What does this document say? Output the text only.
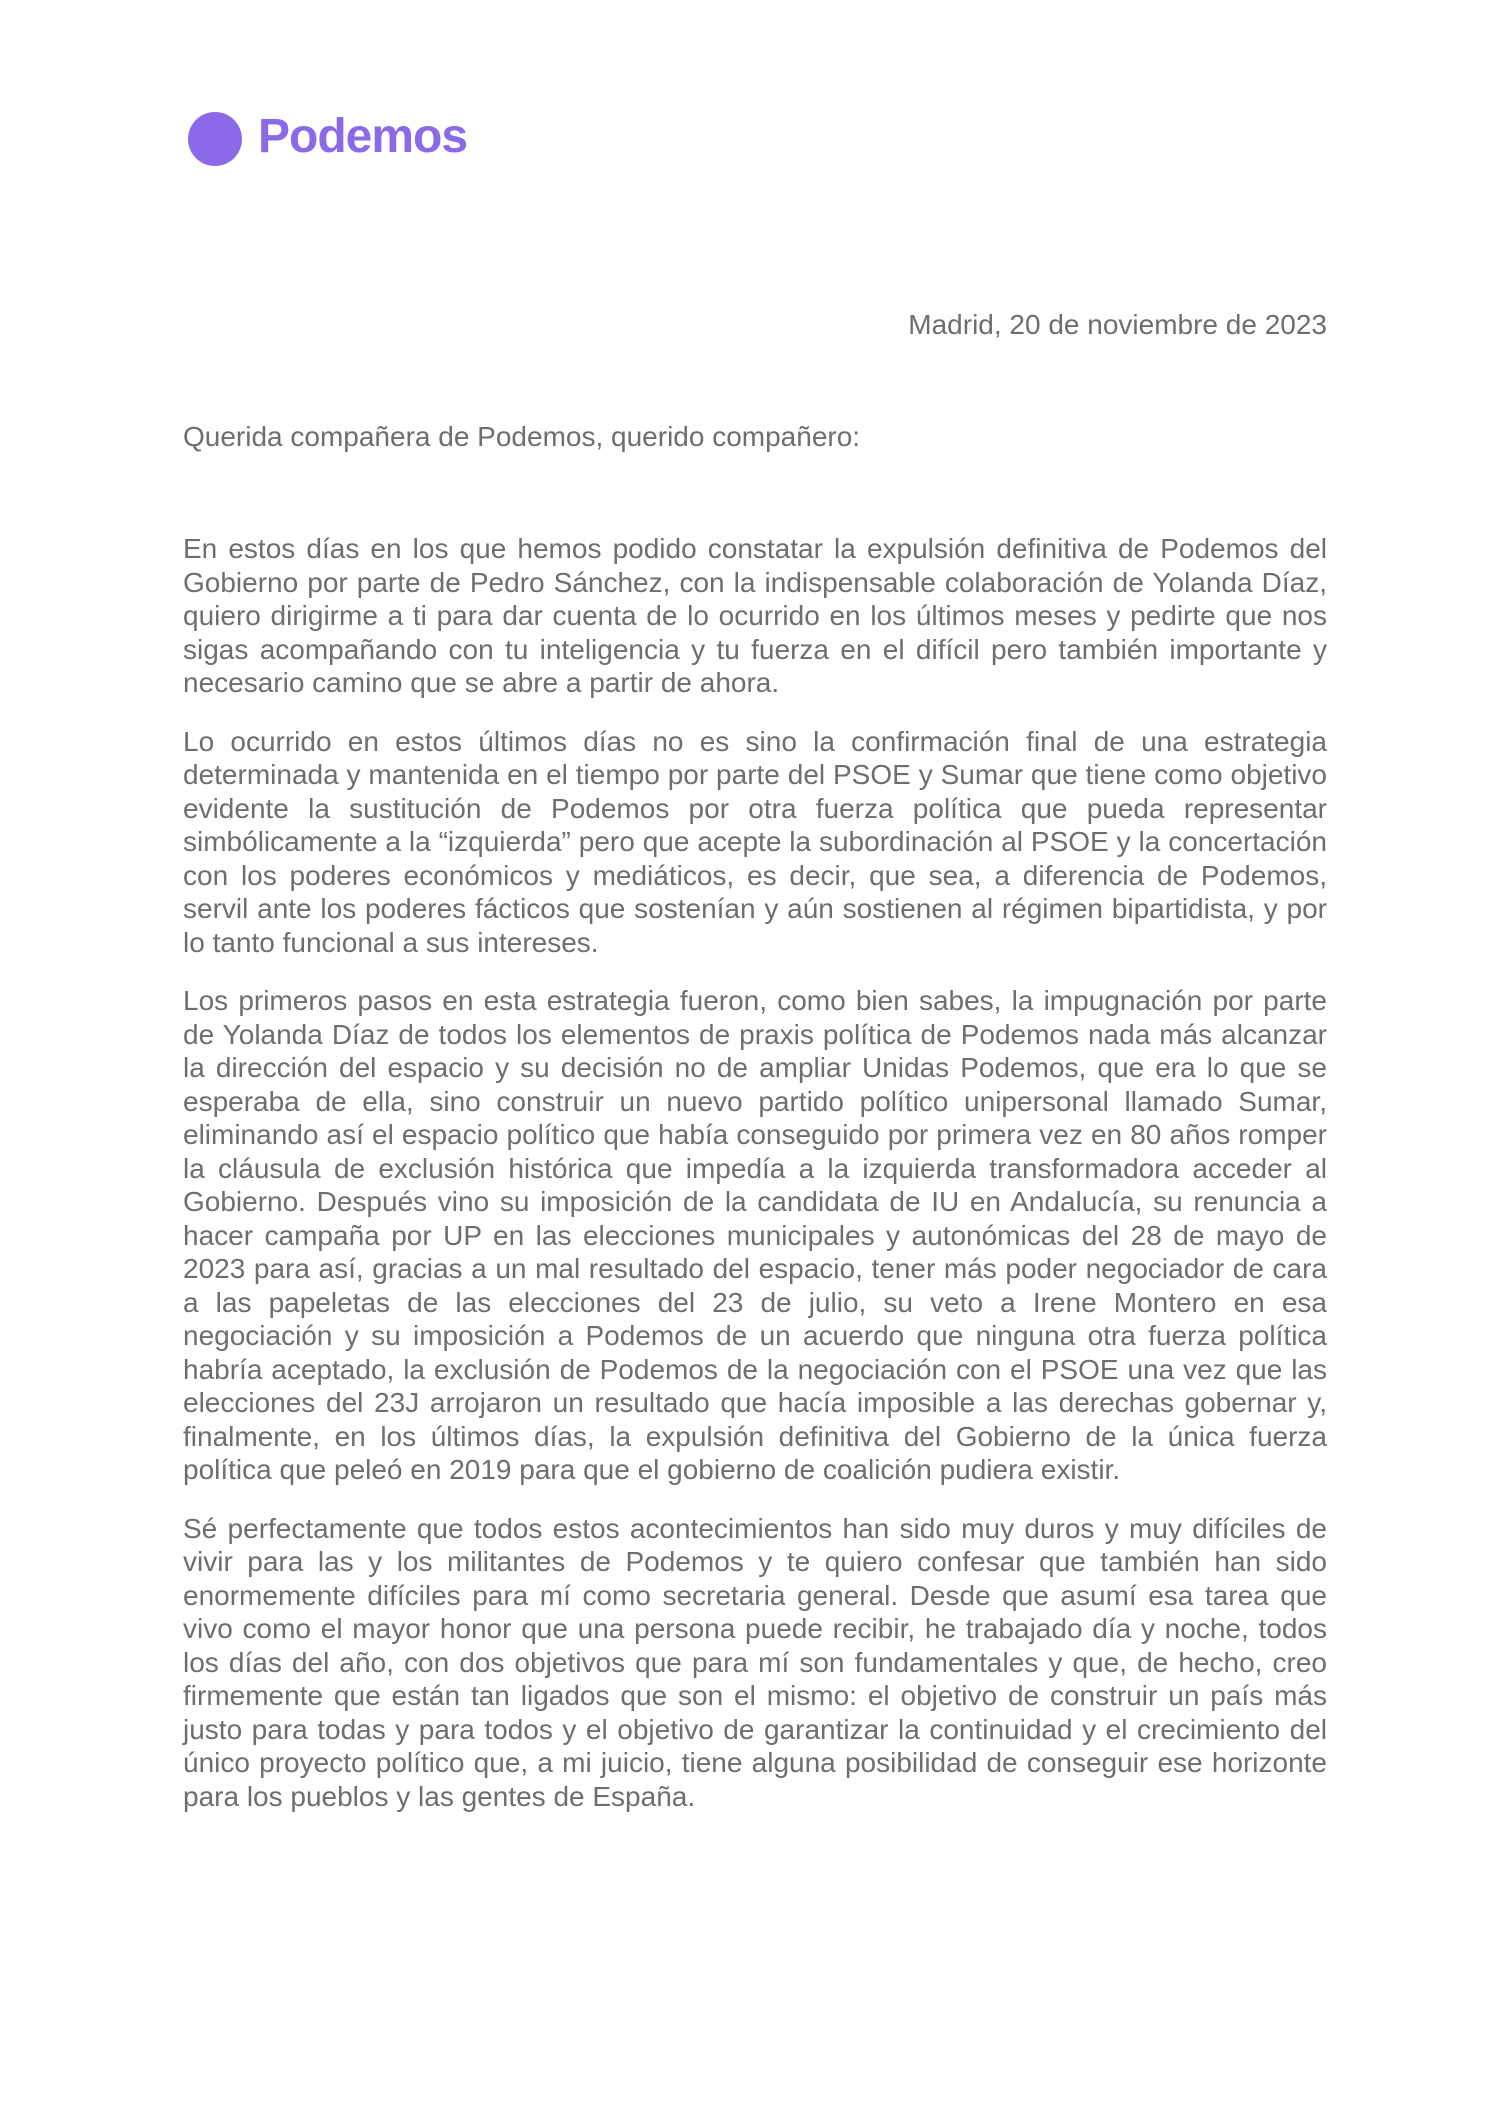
Podemos
Madrid, 20 de noviembre de 2023
Querida compañera de Podemos, querido compañero:

En estos días en los que hemos podido constatar la expulsión definitiva de Podemos del Gobierno por parte de Pedro Sánchez, con la indispensable colaboración de Yolanda Díaz, quiero dirigirme a ti para dar cuenta de lo ocurrido en los últimos meses y pedirte que nos sigas acompañando con tu inteligencia y tu fuerza en el difícil pero también importante y necesario camino que se abre a partir de ahora.

Lo ocurrido en estos últimos días no es sino la confirmación final de una estrategia determinada y mantenida en el tiempo por parte del PSOE y Sumar que tiene como objetivo evidente la sustitución de Podemos por otra fuerza política que pueda representar simbólicamente a la “izquierda” pero que acepte la subordinación al PSOE y la concertación con los poderes económicos y mediáticos, es decir, que sea, a diferencia de Podemos, servil ante los poderes fácticos que sostenían y aún sostienen al régimen bipartidista, y por lo tanto funcional a sus intereses.

Los primeros pasos en esta estrategia fueron, como bien sabes, la impugnación por parte de Yolanda Díaz de todos los elementos de praxis política de Podemos nada más alcanzar la dirección del espacio y su decisión no de ampliar Unidas Podemos, que era lo que se esperaba de ella, sino construir un nuevo partido político unipersonal llamado Sumar, eliminando así el espacio político que había conseguido por primera vez en 80 años romper la cláusula de exclusión histórica que impedía a la izquierda transformadora acceder al Gobierno. Después vino su imposición de la candidata de IU en Andalucía, su renuncia a hacer campaña por UP en las elecciones municipales y autonómicas del 28 de mayo de 2023 para así, gracias a un mal resultado del espacio, tener más poder negociador de cara a las papeletas de las elecciones del 23 de julio, su veto a Irene Montero en esa negociación y su imposición a Podemos de un acuerdo que ninguna otra fuerza política habría aceptado, la exclusión de Podemos de la negociación con el PSOE una vez que las elecciones del 23J arrojaron un resultado que hacía imposible a las derechas gobernar y, finalmente, en los últimos días, la expulsión definitiva del Gobierno de la única fuerza política que peleó en 2019 para que el gobierno de coalición pudiera existir.

Sé perfectamente que todos estos acontecimientos han sido muy duros y muy difíciles de vivir para las y los militantes de Podemos y te quiero confesar que también han sido enormemente difíciles para mí como secretaria general. Desde que asumí esa tarea que vivo como el mayor honor que una persona puede recibir, he trabajado día y noche, todos los días del año, con dos objetivos que para mí son fundamentales y que, de hecho, creo firmemente que están tan ligados que son el mismo: el objetivo de construir un país más justo para todas y para todos y el objetivo de garantizar la continuidad y el crecimiento del único proyecto político que, a mi juicio, tiene alguna posibilidad de conseguir ese horizonte para los pueblos y las gentes de España.
